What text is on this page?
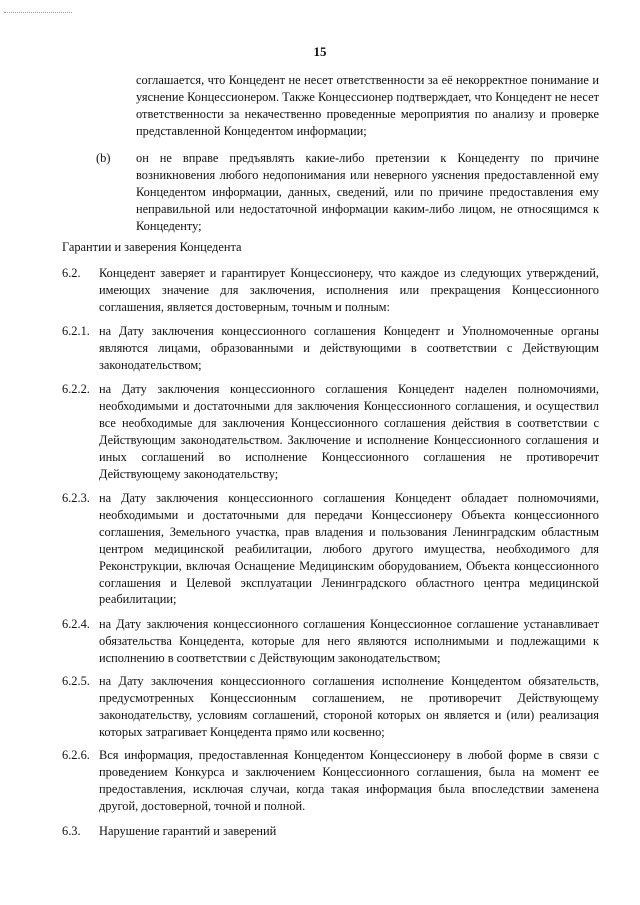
15

соглашается, что Концедент не несет ответственности за её некорректное понимание и уяснение Концессионером. Также Концессионер подтверждает, что Концедент не несет ответственности за некачественно проведенные мероприятия по анализу и проверке представленной Концедентом информации;

(b) он не вправе предъявлять какие-либо претензии к Концеденту по причине возникновения любого недопонимания или неверного уяснения предоставленной ему Концедентом информации, данных, сведений, или по причине предоставления ему неправильной или недостаточной информации каким-либо лицом, не относящимся к Концеденту;

Гарантии и заверения Концедента

6.2. Концедент заверяет и гарантирует Концессионеру, что каждое из следующих утверждений, имеющих значение для заключения, исполнения или прекращения Концессионного соглашения, является достоверным, точным и полным:

6.2.1. на Дату заключения концессионного соглашения Концедент и Уполномоченные органы являются лицами, образованными и действующими в соответствии с Действующим законодательством;

6.2.2. на Дату заключения концессионного соглашения Концедент наделен полномочиями, необходимыми и достаточными для заключения Концессионного соглашения, и осуществил все необходимые для заключения Концессионного соглашения действия в соответствии с Действующим законодательством. Заключение и исполнение Концессионного соглашения и иных соглашений во исполнение Концессионного соглашения не противоречит Действующему законодательству;

6.2.3. на Дату заключения концессионного соглашения Концедент обладает полномочиями, необходимыми и достаточными для передачи Концессионеру Объекта концессионного соглашения, Земельного участка, прав владения и пользования Ленинградским областным центром медицинской реабилитации, любого другого имущества, необходимого для Реконструкции, включая Оснащение Медицинским оборудованием, Объекта концессионного соглашения и Целевой эксплуатации Ленинградского областного центра медицинской реабилитации;

6.2.4. на Дату заключения концессионного соглашения Концессионное соглашение устанавливает обязательства Концедента, которые для него являются исполнимыми и подлежащими к исполнению в соответствии с Действующим законодательством;

6.2.5. на Дату заключения концессионного соглашения исполнение Концедентом обязательств, предусмотренных Концессионным соглашением, не противоречит Действующему законодательству, условиям соглашений, стороной которых он является и (или) реализация которых затрагивает Концедента прямо или косвенно;

6.2.6. Вся информация, предоставленная Концедентом Концессионеру в любой форме в связи с проведением Конкурса и заключением Концессионного соглашения, была на момент ее предоставления, исключая случаи, когда такая информация была впоследствии заменена другой, достоверной, точной и полной.

6.3. Нарушение гарантий и заверений
